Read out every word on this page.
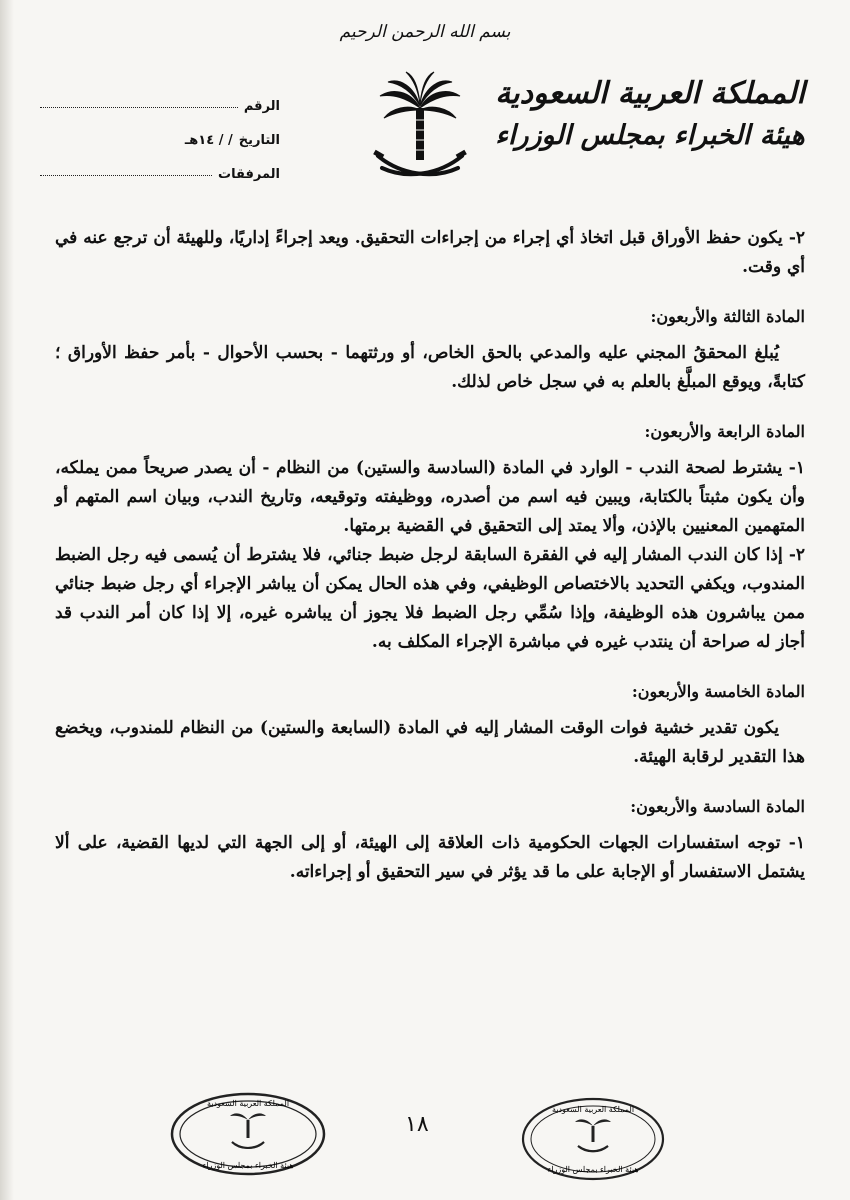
بسم الله الرحمن الرحيم
المملكة العربية السعودية
هيئة الخبراء بمجلس الوزراء
الرقم
التاريخ
/ / ١٤هـ
المرفقات

٢- يكون حفظ الأوراق قبل اتخاذ أي إجراء من إجراءات التحقيق. ويعد إجراءً إداريًا، وللهيئة أن ترجع عنه في أي وقت.

المادة الثالثة والأربعون:

يُبلغ المحققُ المجني عليه والمدعي بالحق الخاص، أو ورثتهما - بحسب الأحوال - بأمر حفظ الأوراق ؛ كتابةً، ويوقع المبلَّغ بالعلم به في سجل خاص لذلك.

المادة الرابعة والأربعون:

١- يشترط لصحة الندب - الوارد في المادة (السادسة والستين) من النظام - أن يصدر صريحاً ممن يملكه، وأن يكون مثبتاً بالكتابة، ويبين فيه اسم من أصدره، ووظيفته وتوقيعه، وتاريخ الندب، وبيان اسم المتهم أو المتهمين المعنيين بالإذن، وألا يمتد إلى التحقيق في القضية برمتها.

٢- إذا كان الندب المشار إليه في الفقرة السابقة لرجل ضبط جنائي، فلا يشترط أن يُسمى فيه رجل الضبط المندوب، ويكفي التحديد بالاختصاص الوظيفي، وفي هذه الحال يمكن أن يباشر الإجراء أي رجل ضبط جنائي ممن يباشرون هذه الوظيفة، وإذا سُمِّي رجل الضبط فلا يجوز أن يباشره غيره، إلا إذا كان أمر الندب قد أجاز له صراحة أن ينتدب غيره في مباشرة الإجراء المكلف به.

المادة الخامسة والأربعون:

يكون تقدير خشية فوات الوقت المشار إليه في المادة (السابعة والستين) من النظام للمندوب، ويخضع هذا التقدير لرقابة الهيئة.

المادة السادسة والأربعون:

١- توجه استفسارات الجهات الحكومية ذات العلاقة إلى الهيئة، أو إلى الجهة التي لديها القضية، على ألا يشتمل الاستفسار أو الإجابة على ما قد يؤثر في سير التحقيق أو إجراءاته.

المملكة العربية السعودية
هيئة الخبراء بمجلس الوزراء
١٨
المملكة العربية السعودية
هيئة الخبراء بمجلس الوزراء
